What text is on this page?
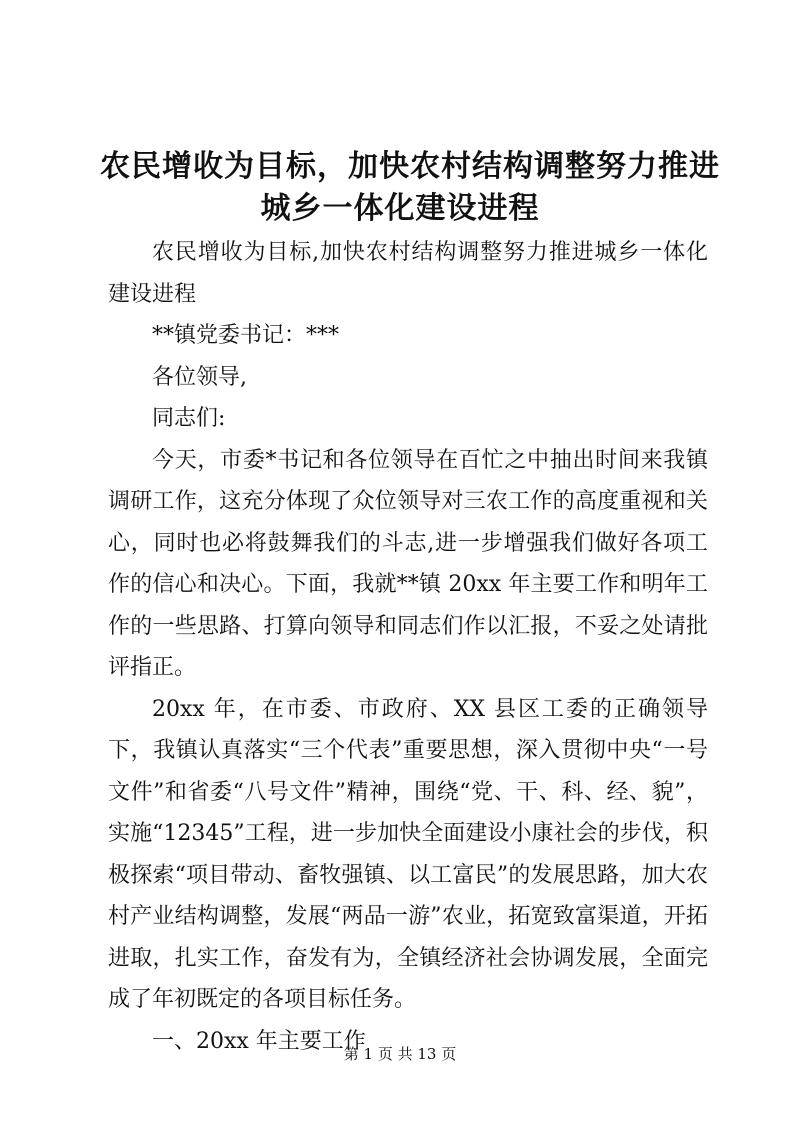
农民增收为目标，加快农村结构调整努力推进
城乡一体化建设进程

农民增收为目标,加快农村结构调整努力推进城乡一体化建设进程

**镇党委书记：***

各位领导,

同志们:

今天，市委*书记和各位领导在百忙之中抽出时间来我镇调研工作，这充分体现了众位领导对三农工作的高度重视和关心，同时也必将鼓舞我们的斗志,进一步增强我们做好各项工作的信心和决心。下面，我就**镇 20xx 年主要工作和明年工作的一些思路、打算向领导和同志们作以汇报，不妥之处请批评指正。

20xx 年，在市委、市政府、XX 县区工委的正确领导下，我镇认真落实“三个代表”重要思想，深入贯彻中央“一号文件”和省委“八号文件”精神，围绕“党、干、科、经、貌”，实施“12345”工程，进一步加快全面建设小康社会的步伐，积极探索“项目带动、畜牧强镇、以工富民”的发展思路，加大农村产业结构调整，发展“两品一游”农业，拓宽致富渠道，开拓进取，扎实工作，奋发有为，全镇经济社会协调发展，全面完成了年初既定的各项目标任务。

一、20xx 年主要工作

第 1 页 共 13 页
